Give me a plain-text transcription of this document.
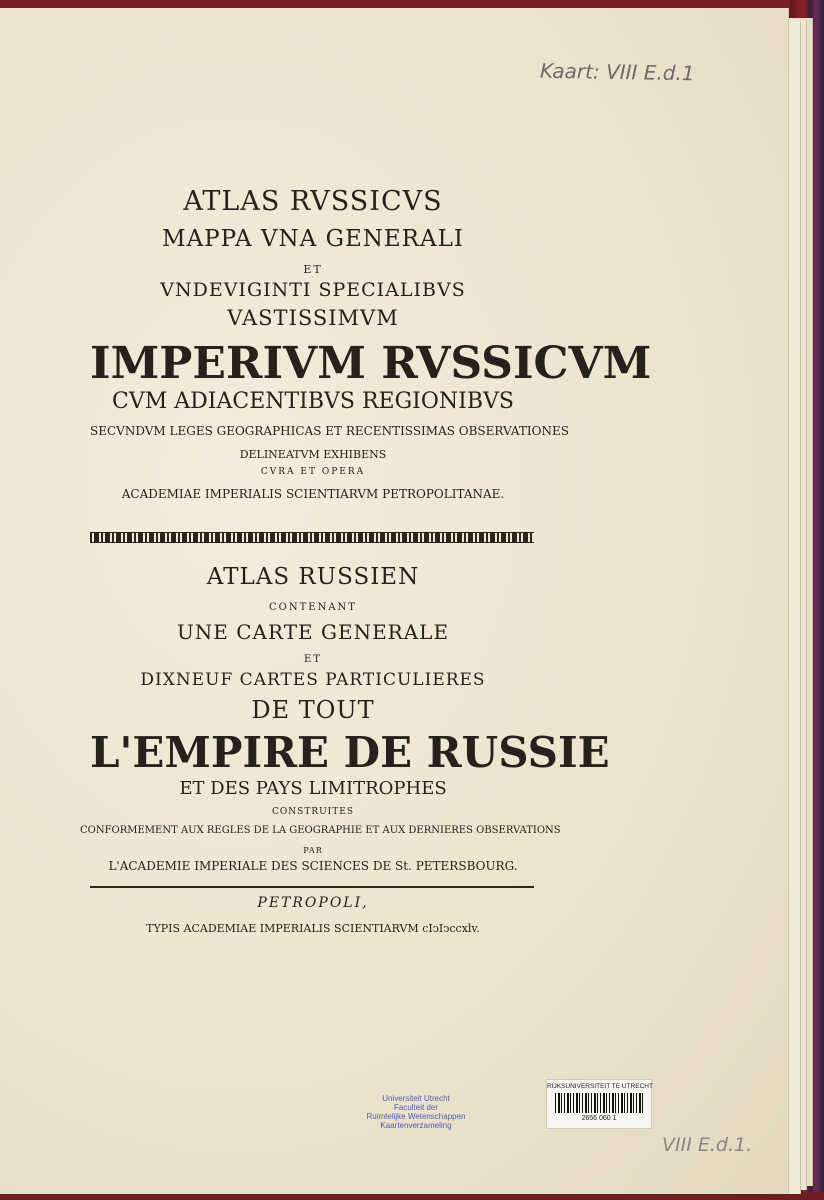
Kaart: VIII E.d.1
ATLAS RVSSICVS
MAPPA VNA GENERALI
ET
VNDEVIGINTI SPECIALIBVS
VASTISSIMVM
IMPERIVM RVSSICVM
CVM ADIACENTIBVS REGIONIBVS
SECVNDVM LEGES GEOGRAPHICAS ET RECENTISSIMAS OBSERVATIONES
DELINEATVM EXHIBENS
CVRA ET OPERA
ACADEMIAE IMPERIALIS SCIENTIARVM PETROPOLITANAE.
ATLAS RUSSIEN
CONTENANT
UNE CARTE GENERALE
ET
DIXNEUF CARTES PARTICULIERES
DE TOUT
L'EMPIRE DE RUSSIE
ET DES PAYS LIMITROPHES
CONSTRUITES
CONFORMEMENT AUX REGLES DE LA GEOGRAPHIE ET AUX DERNIERES OBSERVATIONS
PAR
L'ACADEMIE IMPERIALE DES SCIENCES DE St. PETERSBOURG.
PETROPOLI,
TYPIS ACADEMIAE IMPERIALIS SCIENTIARVM cIↄIↄccxlv.
Universiteit Utrecht
Faculteit der
Ruimtelijke Wetenschappen
Kaartenverzameling
RIJKSUNIVERSITEIT TE UTRECHT
2656 060 1
VIII E.d.1.
